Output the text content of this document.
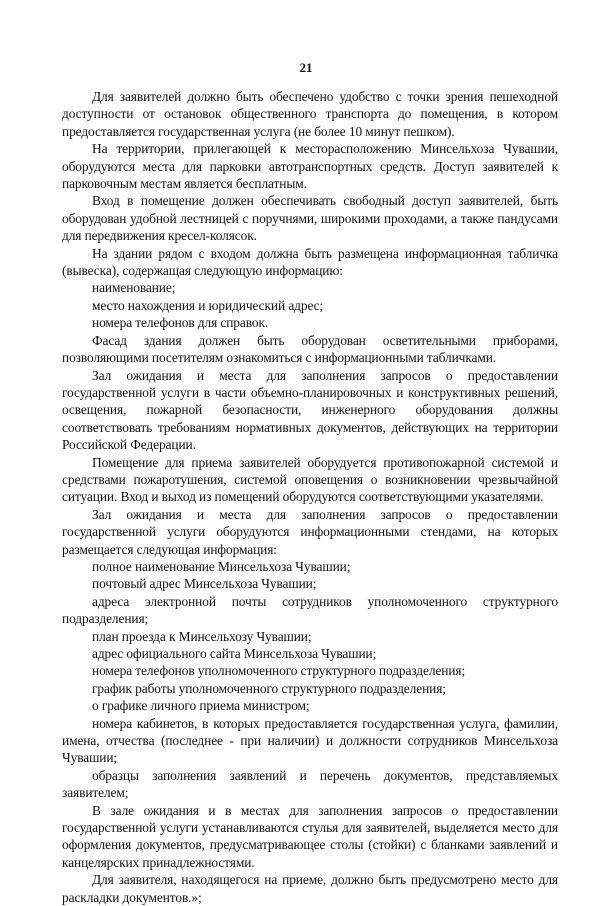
21

Для заявителей должно быть обеспечено удобство с точки зрения пешеходной доступности от остановок общественного транспорта до помещения, в котором предоставляется государственная услуга (не более 10 минут пешком).

На территории, прилегающей к месторасположению Минсельхоза Чувашии, оборудуются места для парковки автотранспортных средств. Доступ заявителей к парковочным местам является бесплатным.

Вход в помещение должен обеспечивать свободный доступ заявителей, быть оборудован удобной лестницей с поручнями, широкими проходами, а также пандусами для передвижения кресел-колясок.

На здании рядом с входом должна быть размещена информационная табличка (вывеска), содержащая следующую информацию:

наименование;

место нахождения и юридический адрес;

номера телефонов для справок.

Фасад здания должен быть оборудован осветительными приборами, позволяющими посетителям ознакомиться с информационными табличками.

Зал ожидания и места для заполнения запросов о предоставлении государственной услуги в части объемно-планировочных и конструктивных решений, освещения, пожарной безопасности, инженерного оборудования должны соответствовать требованиям нормативных документов, действующих на территории Российской Федерации.

Помещение для приема заявителей оборудуется противопожарной системой и средствами пожаротушения, системой оповещения о возникновении чрезвычайной ситуации. Вход и выход из помещений оборудуются соответствующими указателями.

Зал ожидания и места для заполнения запросов о предоставлении государственной услуги оборудуются информационными стендами, на которых размещается следующая информация:

полное наименование Минсельхоза Чувашии;

почтовый адрес Минсельхоза Чувашии;

адреса электронной почты сотрудников уполномоченного структурного подразделения;

план проезда к Минсельхозу Чувашии;

адрес официального сайта Минсельхоза Чувашии;

номера телефонов уполномоченного структурного подразделения;

график работы уполномоченного структурного подразделения;

о графике личного приема министром;

номера кабинетов, в которых предоставляется государственная услуга, фамилии, имена, отчества (последнее - при наличии) и должности сотрудников Минсельхоза Чувашии;

образцы заполнения заявлений и перечень документов, представляемых заявителем;

В зале ожидания и в местах для заполнения запросов о предоставлении государственной услуги устанавливаются стулья для заявителей, выделяется место для оформления документов, предусматривающее столы (стойки) с бланками заявлений и канцелярских принадлежностями.

Для заявителя, находящегося на приеме, должно быть предусмотрено место для раскладки документов.»;
